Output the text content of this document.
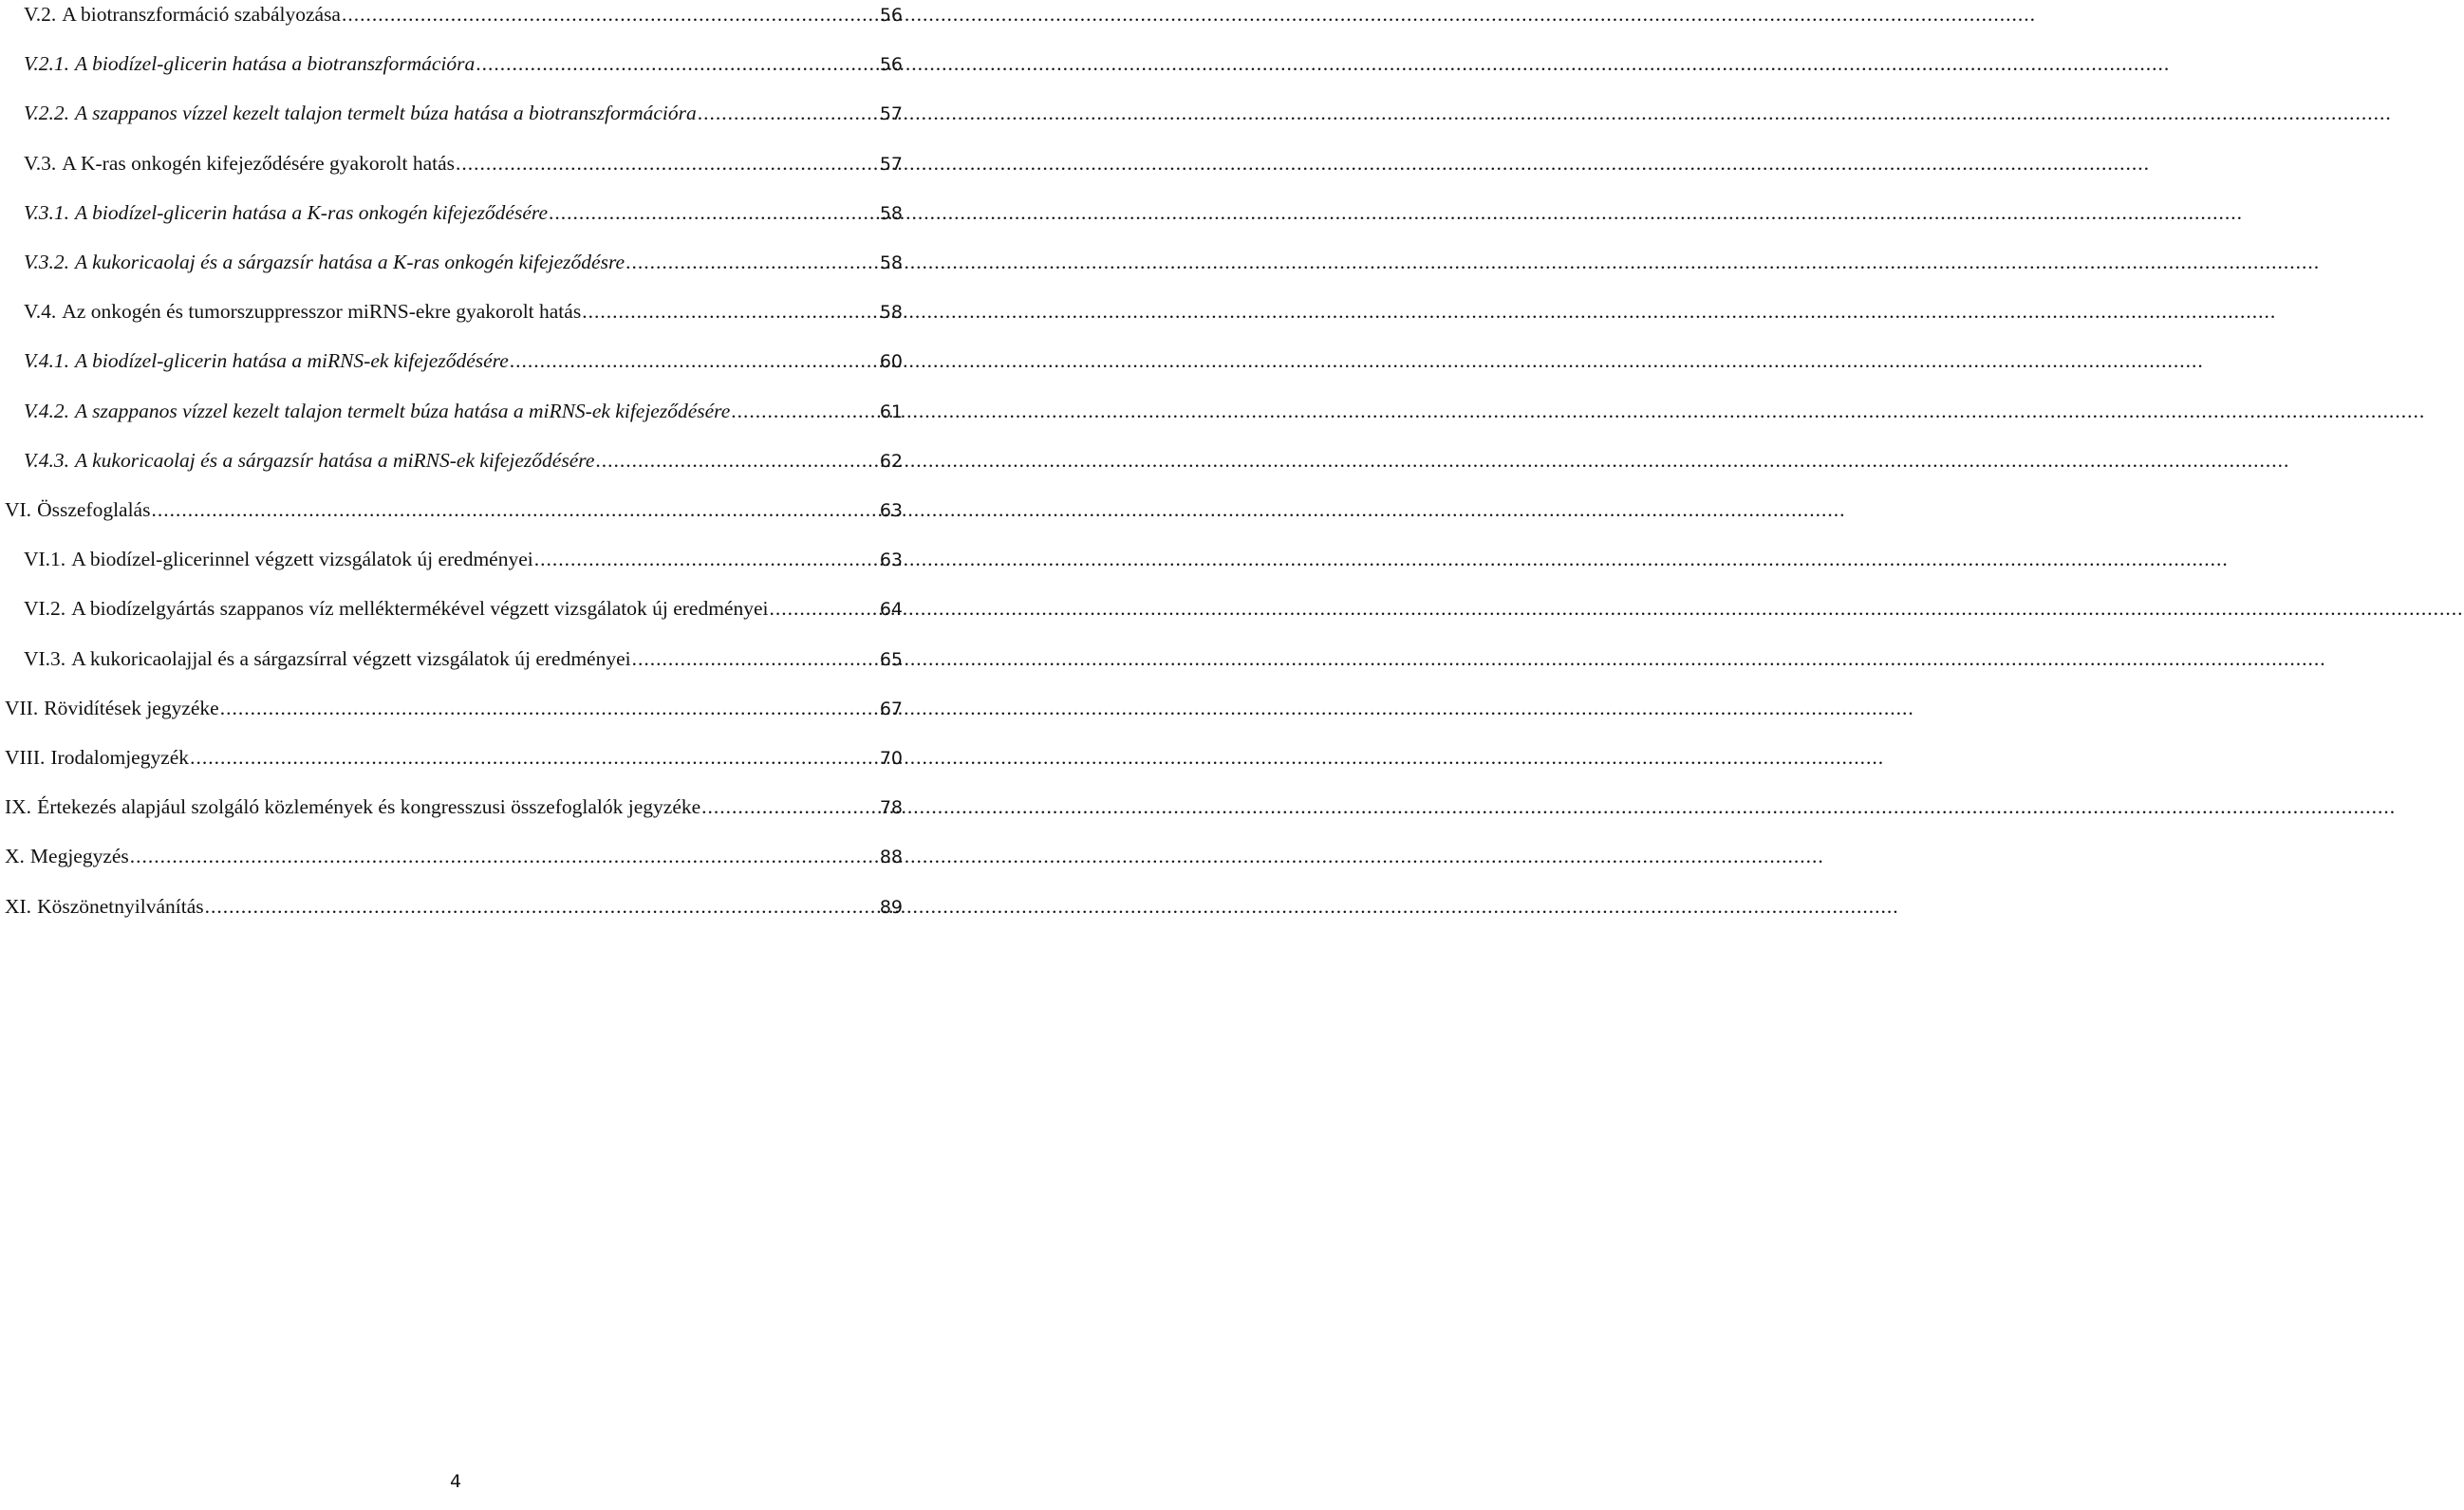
V.2. A biotranszformáció szabályozása .....	56
V.2.1. A biodízel-glicerin hatása a biotranszformációra .....	56
V.2.2. A szappanos vízzel kezelt talajon termelt búza hatása a biotranszformációra .....	57
V.3. A K-ras onkogén kifejeződésére gyakorolt hatás .....	57
V.3.1. A biodízel-glicerin hatása a K-ras onkogén kifejeződésére .....	58
V.3.2. A kukoricaolaj és a sárgazsír hatása a K-ras onkogén kifejeződésre .....	58
V.4. Az onkogén és tumorszuppresszor miRNS-ekre gyakorolt hatás .....	58
V.4.1. A biodízel-glicerin hatása a miRNS-ek kifejeződésére .....	60
V.4.2. A szappanos vízzel kezelt talajon termelt búza hatása a miRNS-ek kifejeződésére .....	61
V.4.3. A kukoricaolaj és a sárgazsír hatása a miRNS-ek kifejeződésére .....	62
VI. Összefoglalás .....	63
VI.1. A biodízel-glicerinnel végzett vizsgálatok új eredményei .....	63
VI.2. A biodízelgyártás szappanos víz melléktermékével végzett vizsgálatok új eredményei .....	64
VI.3. A kukoricaolajjal és a sárgazsírral végzett vizsgálatok új eredményei .....	65
VII. Rövidítések jegyzéke .....	67
VIII. Irodalomjegyzék .....	70
IX. Értekezés alapjául szolgáló közlemények és kongresszusi összefoglalók jegyzéke .....	78
X. Megjegyzés .....	88
XI. Köszönetnyilvánítás .....	89
4
